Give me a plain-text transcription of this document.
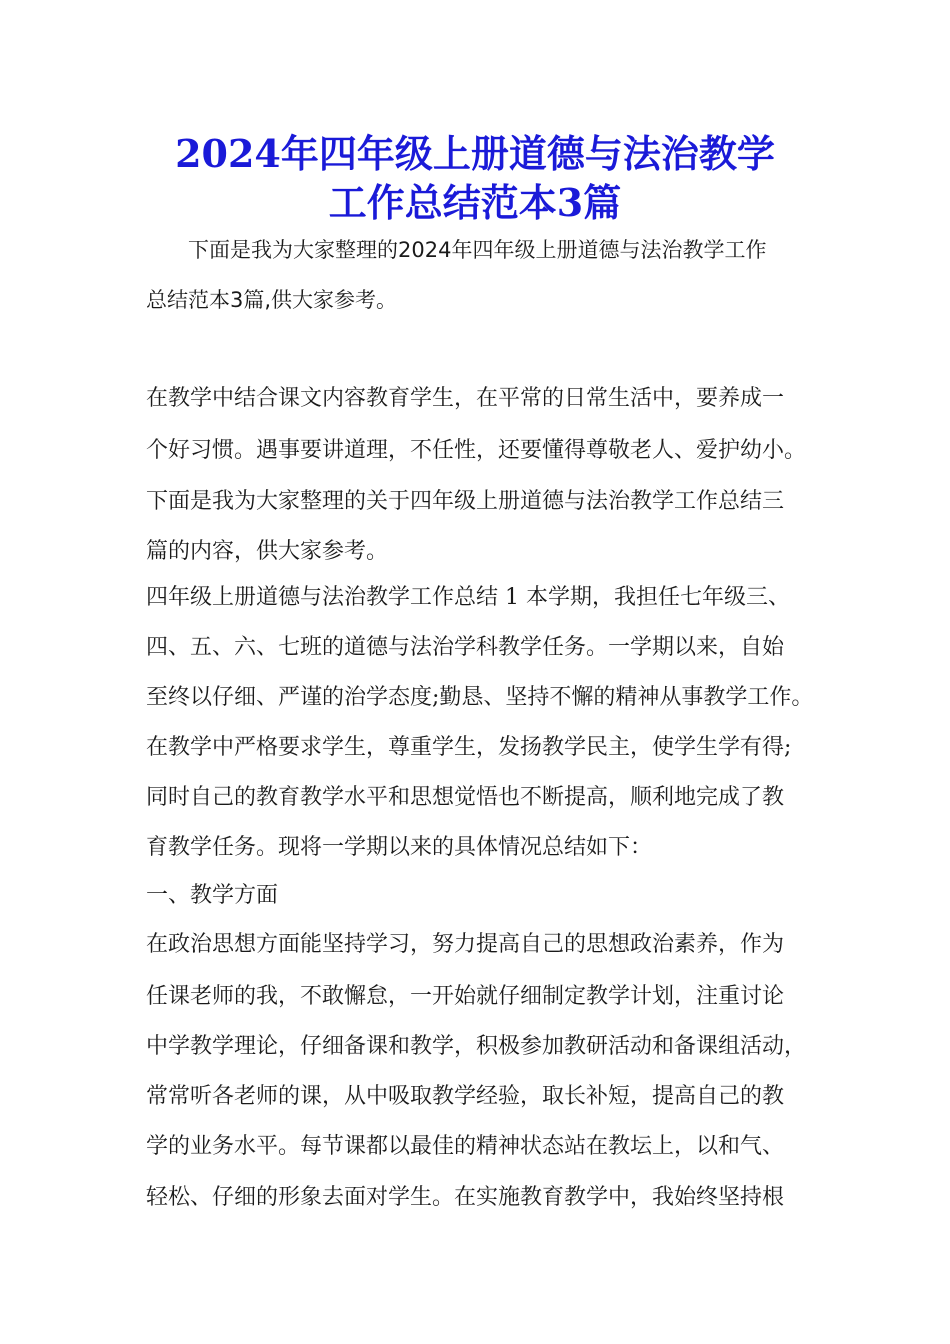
2024年四年级上册道德与法治教学
工作总结范本3篇

下面是我为大家整理的2024年四年级上册道德与法治教学工作

总结范本3篇,供大家参考。

在教学中结合课文内容教育学生，在平常的日常生活中，要养成一

个好习惯。遇事要讲道理，不任性，还要懂得尊敬老人、爱护幼小。

下面是我为大家整理的关于四年级上册道德与法治教学工作总结三

篇的内容，供大家参考。

四年级上册道德与法治教学工作总结 1 本学期，我担任七年级三、

四、五、六、七班的道德与法治学科教学任务。一学期以来，自始

至终以仔细、严谨的治学态度;勤恳、坚持不懈的精神从事教学工作。

在教学中严格要求学生，尊重学生，发扬教学民主，使学生学有得;

同时自己的教育教学水平和思想觉悟也不断提高，顺利地完成了教

育教学任务。现将一学期以来的具体情况总结如下：

一、教学方面

在政治思想方面能坚持学习，努力提高自己的思想政治素养，作为

任课老师的我，不敢懈怠，一开始就仔细制定教学计划，注重讨论

中学教学理论，仔细备课和教学，积极参加教研活动和备课组活动，

常常听各老师的课，从中吸取教学经验，取长补短，提高自己的教

学的业务水平。每节课都以最佳的精神状态站在教坛上，以和气、

轻松、仔细的形象去面对学生。在实施教育教学中，我始终坚持根
